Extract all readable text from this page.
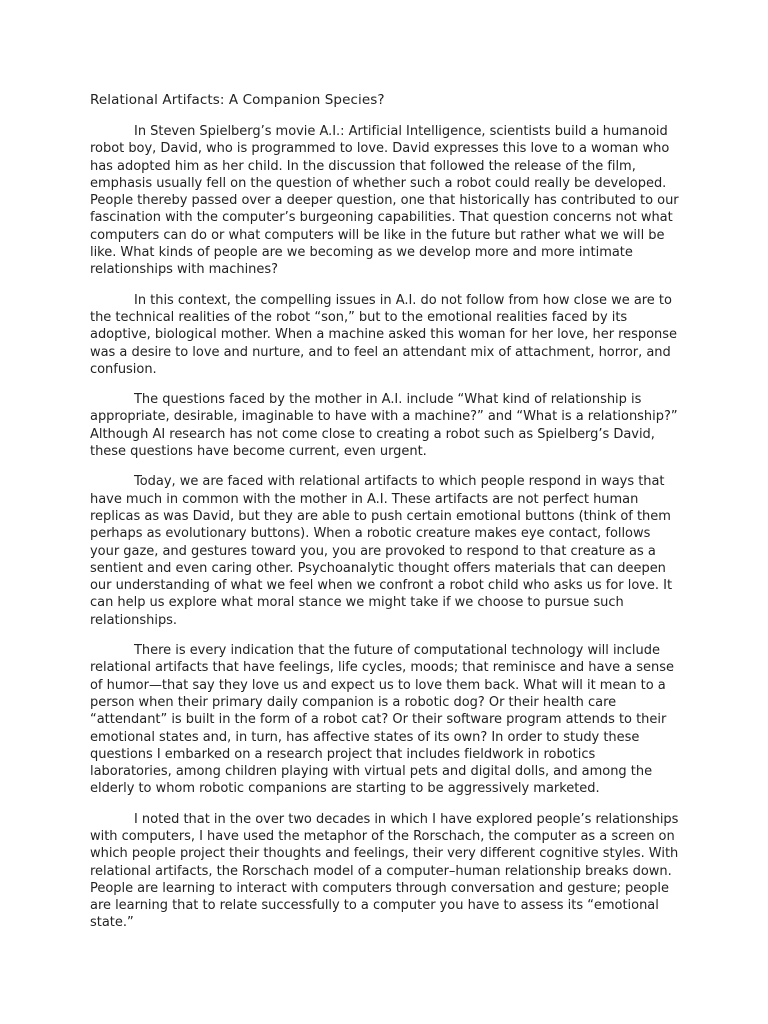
Relational Artifacts: A Companion Species?

In Steven Spielberg’s movie A.I.: Artificial Intelligence, scientists build a humanoid robot boy, David, who is programmed to love. David expresses this love to a woman who has adopted him as her child. In the discussion that followed the release of the film, emphasis usually fell on the question of whether such a robot could really be developed. People thereby passed over a deeper question, one that historically has contributed to our fascination with the computer’s burgeoning capabilities. That question concerns not what computers can do or what computers will be like in the future but rather what we will be like. What kinds of people are we becoming as we develop more and more intimate relationships with machines?

In this context, the compelling issues in A.I. do not follow from how close we are to the technical realities of the robot “son,” but to the emotional realities faced by its adoptive, biological mother. When a machine asked this woman for her love, her response was a desire to love and nurture, and to feel an attendant mix of attachment, horror, and confusion.

The questions faced by the mother in A.I. include “What kind of relationship is appropriate, desirable, imaginable to have with a machine?” and “What is a relationship?” Although AI research has not come close to creating a robot such as Spielberg’s David, these questions have become current, even urgent.

Today, we are faced with relational artifacts to which people respond in ways that have much in common with the mother in A.I. These artifacts are not perfect human replicas as was David, but they are able to push certain emotional buttons (think of them perhaps as evolutionary buttons). When a robotic creature makes eye contact, follows your gaze, and gestures toward you, you are provoked to respond to that creature as a sentient and even caring other. Psychoanalytic thought offers materials that can deepen our understanding of what we feel when we confront a robot child who asks us for love. It can help us explore what moral stance we might take if we choose to pursue such relationships.

There is every indication that the future of computational technology will include relational artifacts that have feelings, life cycles, moods; that reminisce and have a sense of humor—that say they love us and expect us to love them back. What will it mean to a person when their primary daily companion is a robotic dog? Or their health care “attendant” is built in the form of a robot cat? Or their software program attends to their emotional states and, in turn, has affective states of its own? In order to study these questions I embarked on a research project that includes fieldwork in robotics laboratories, among children playing with virtual pets and digital dolls, and among the elderly to whom robotic companions are starting to be aggressively marketed.

I noted that in the over two decades in which I have explored people’s relationships with computers, I have used the metaphor of the Rorschach, the computer as a screen on which people project their thoughts and feelings, their very different cognitive styles. With relational artifacts, the Rorschach model of a computer–human relationship breaks down. People are learning to interact with computers through conversation and gesture; people are learning that to relate successfully to a computer you have to assess its “emotional state.”
